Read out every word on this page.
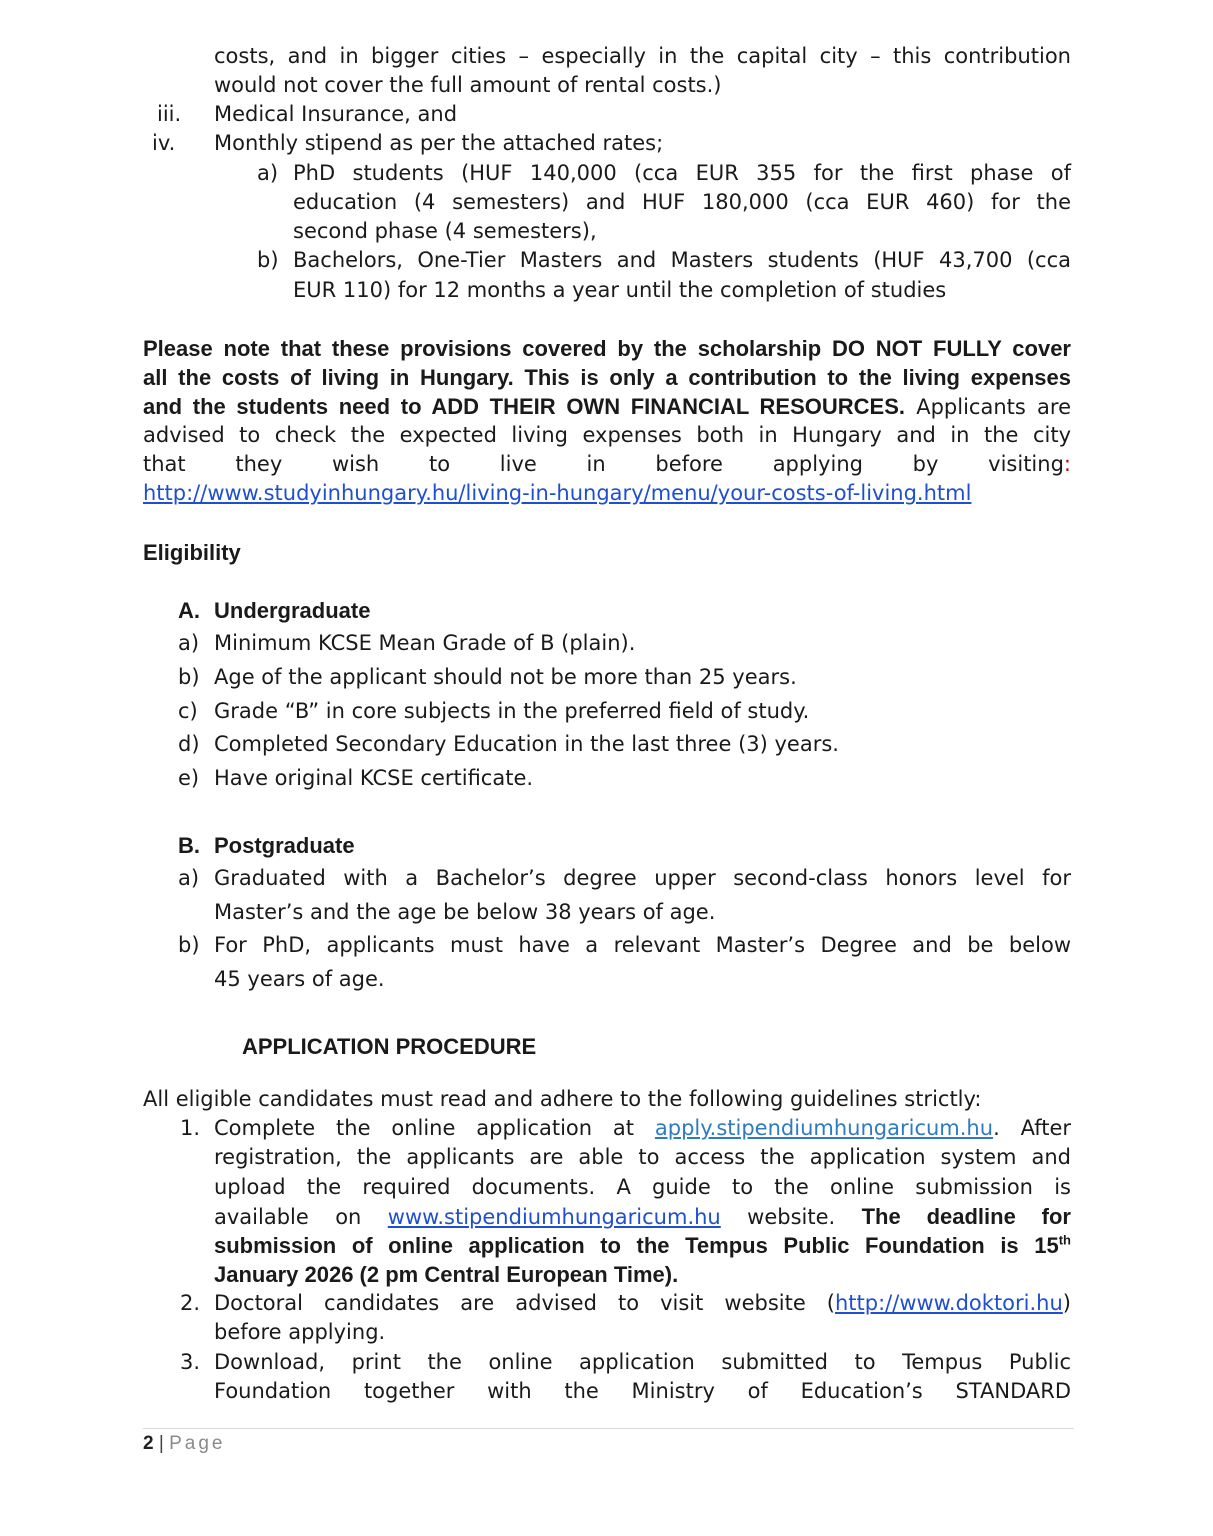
costs, and in bigger cities – especially in the capital city – this contribution
would not cover the full amount of rental costs.)
iii. Medical Insurance, and
iv. Monthly stipend as per the attached rates;
a) PhD students (HUF 140,000 (cca EUR 355 for the first phase of
education (4 semesters) and HUF 180,000 (cca EUR 460) for the
second phase (4 semesters),
b) Bachelors, One-Tier Masters and Masters students (HUF 43,700 (cca
EUR 110) for 12 months a year until the completion of studies
Please note that these provisions covered by the scholarship DO NOT FULLY cover
all the costs of living in Hungary. This is only a contribution to the living expenses
and the students need to ADD THEIR OWN FINANCIAL RESOURCES. Applicants are
advised to check the expected living expenses both in Hungary and in the city
that they wish to live in before applying by visiting:
http://www.studyinhungary.hu/living-in-hungary/menu/your-costs-of-living.html
Eligibility
A. Undergraduate
a) Minimum KCSE Mean Grade of B (plain).
b) Age of the applicant should not be more than 25 years.
c) Grade “B” in core subjects in the preferred field of study.
d) Completed Secondary Education in the last three (3) years.
e) Have original KCSE certificate.
B. Postgraduate
a) Graduated with a Bachelor’s degree upper second-class honors level for
Master’s and the age be below 38 years of age.
b) For PhD, applicants must have a relevant Master’s Degree and be below
45 years of age.
APPLICATION PROCEDURE
All eligible candidates must read and adhere to the following guidelines strictly:
1. Complete the online application at apply.stipendiumhungaricum.hu. After
registration, the applicants are able to access the application system and
upload the required documents. A guide to the online submission is
available on www.stipendiumhungaricum.hu website. The deadline for
submission of online application to the Tempus Public Foundation is 15th
January 2026 (2 pm Central European Time).
2. Doctoral candidates are advised to visit website (http://www.doktori.hu)
before applying.
3. Download, print the online application submitted to Tempus Public
Foundation together with the Ministry of Education’s STANDARD
2 | Page
